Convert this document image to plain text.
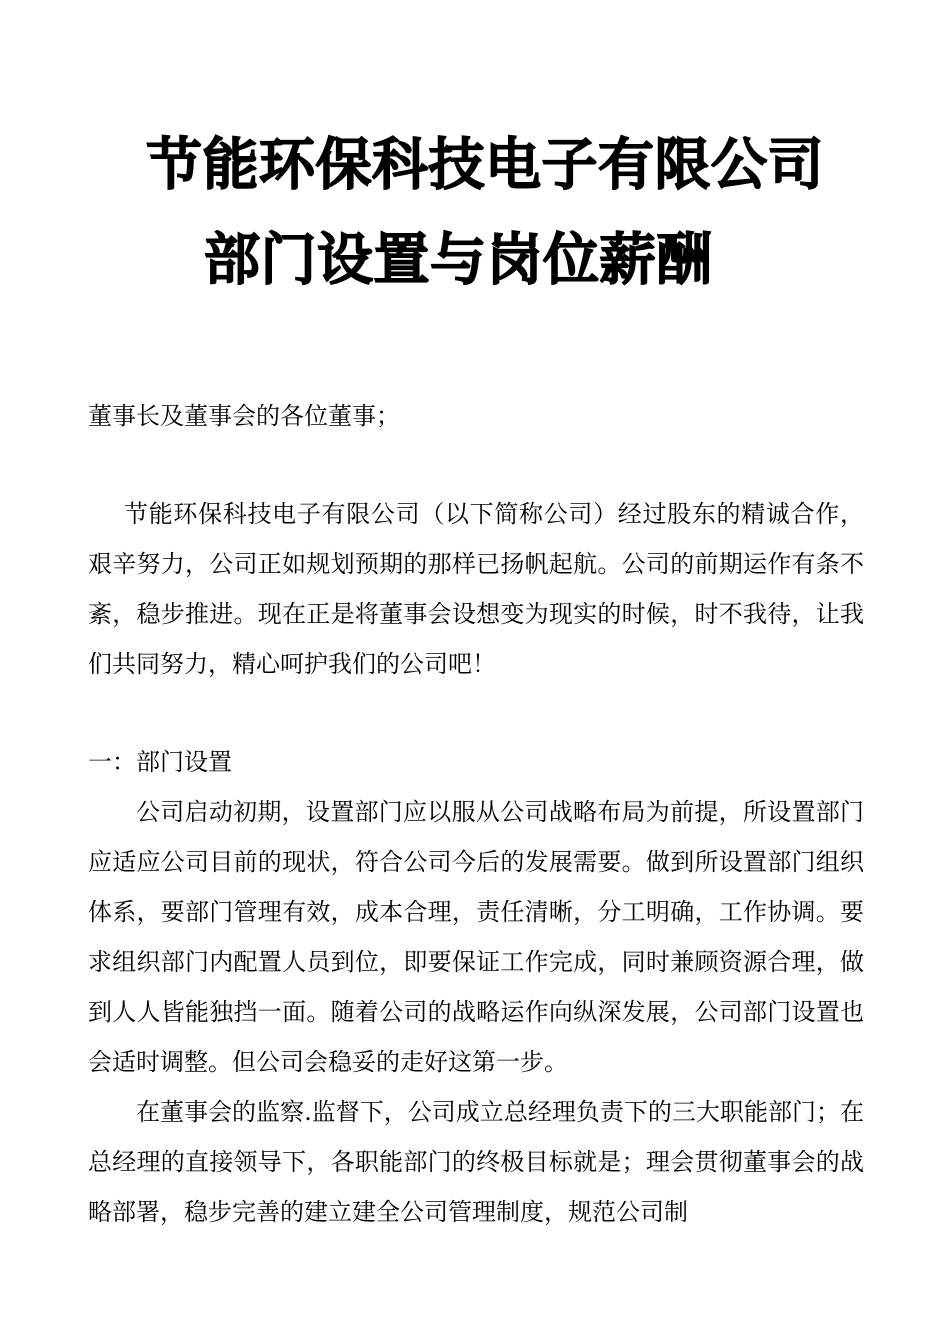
节能环保科技电子有限公司
部门设置与岗位薪酬

董事长及董事会的各位董事；

节能环保科技电子有限公司（以下简称公司）经过股东的精诚合作，艰辛努力，公司正如规划预期的那样已扬帆起航。公司的前期运作有条不紊，稳步推进。现在正是将董事会设想变为现实的时候，时不我待，让我们共同努力，精心呵护我们的公司吧！

一：部门设置

公司启动初期，设置部门应以服从公司战略布局为前提，所设置部门应适应公司目前的现状，符合公司今后的发展需要。做到所设置部门组织体系，要部门管理有效，成本合理，责任清晰，分工明确，工作协调。要求组织部门内配置人员到位，即要保证工作完成，同时兼顾资源合理，做到人人皆能独挡一面。随着公司的战略运作向纵深发展，公司部门设置也会适时调整。但公司会稳妥的走好这第一步。

在董事会的监察.监督下，公司成立总经理负责下的三大职能部门；在总经理的直接领导下，各职能部门的终极目标就是；理会贯彻董事会的战略部署，稳步完善的建立建全公司管理制度，规范公司制
